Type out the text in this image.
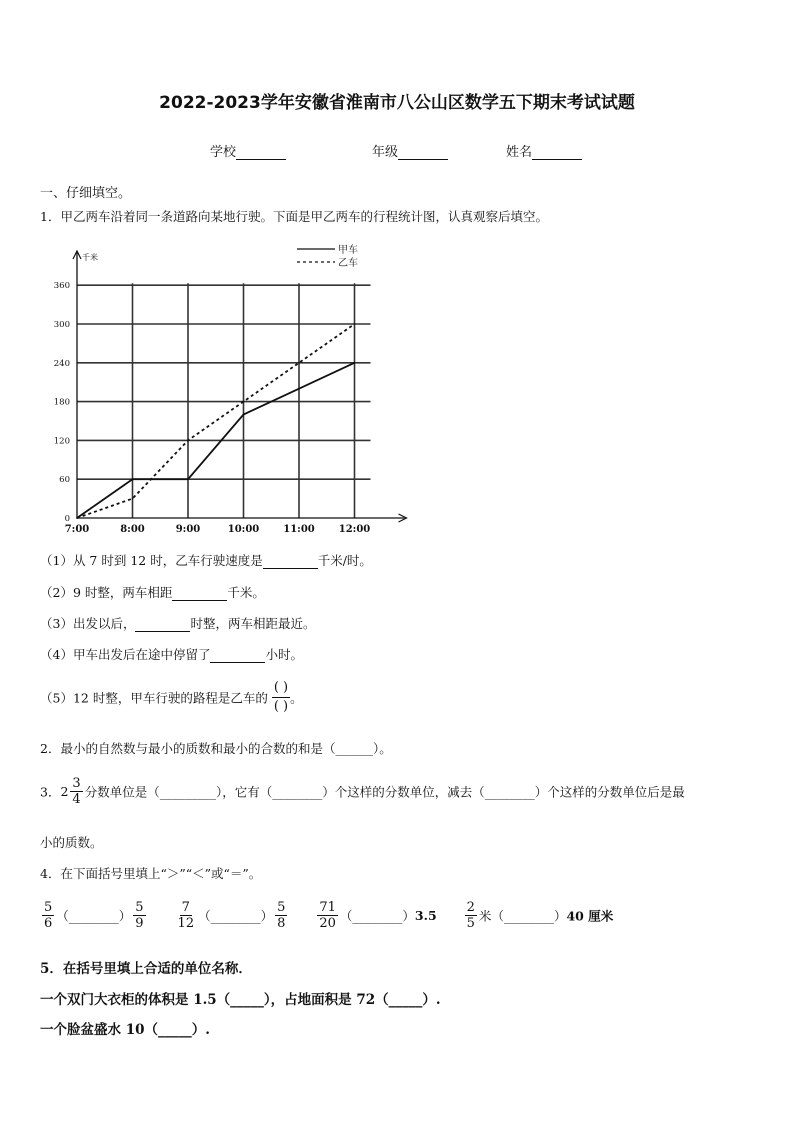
2022-2023学年安徽省淮南市八公山区数学五下期末考试试题
学校	年级	姓名
一、仔细填空。
1．甲乙两车沿着同一条道路向某地行驶。下面是甲乙两车的行程统计图，认真观察后填空。
0
60
120
180
240
300
360
7:00	8:00	9:00	10:00 11:00 12:00
甲车
乙车
千米
（1）从 7 时到 12 时，乙车行驶速度是	千米/时。
（2）9 时整，两车相距	千米。
（3）出发以后，	时整，两车相距最近。
（4）甲车出发后在途中停留了	小时。
（5）12 时整，甲车行驶的路程是乙车的
( )
( )
。
2．最小的自然数与最小的质数和最小的合数的和是（______）。
3．$2 \frac{3}{4}$ 分数单位是（_________），它有（________）个这样的分数单位，减去（________）个这样的分数单位后是最
小的质数。
4．在下面括号里填上“＞”“＜”或“＝”。
$\frac{5}{6}$ （________） $\frac{5}{9}$
$\frac{7}{12}$ （________） $\frac{5}{8}$
$\frac{71}{20}$ （________）3.5 $\frac{2}{5}$ 米（________）40 厘米
5．在括号里填上合适的单位名称．
一个双门大衣柜的体积是 1.5（_____），占地面积是 72（_____）.
一个脸盆盛水 10（_____）.
